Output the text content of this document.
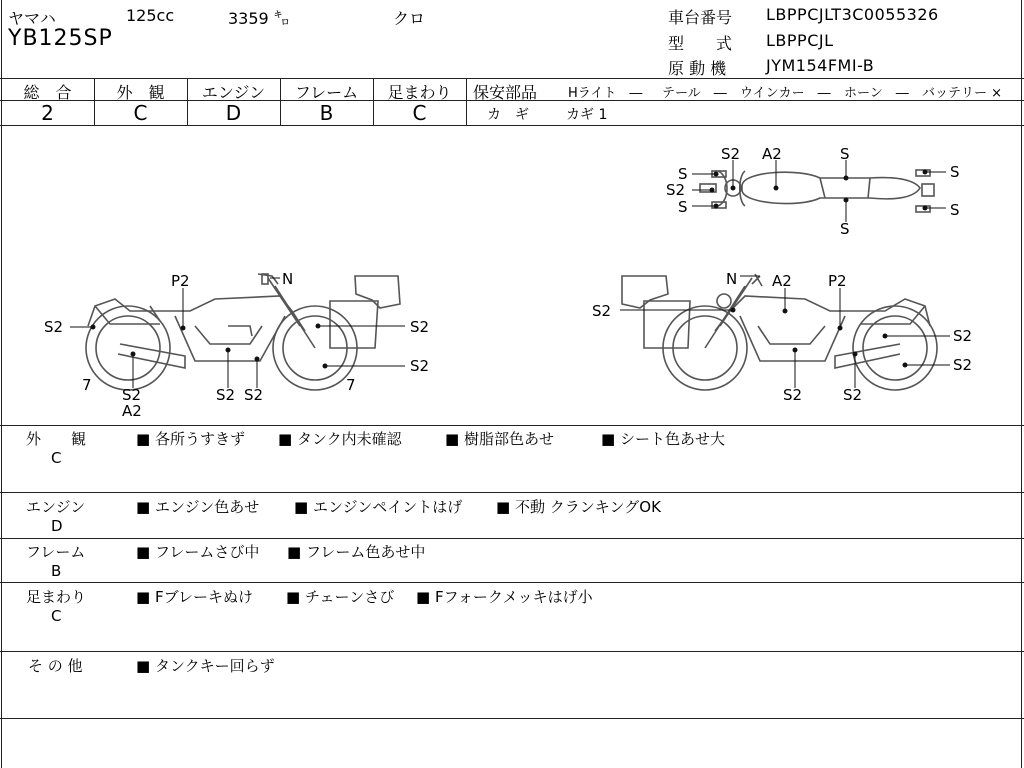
ヤマハ	125cc	3359 ㌔	クロ
YB125SP
車台番号 LBPPCJLT3C0055326
型　　式 LBPPCJL
原 動 機 JYM154FMI-B
総　合
2
外　観
C
エンジン
D
フレーム
B
足まわり
C
保安部品 Hライト　― テール　― ウインカー　― ホーン　― バッテリー ×
カ　ギ	カギ 1
P2	N
S2	S2
S2
7	7
S2
A2
S2 S2
N A2 P2
S2
S2
S2
S2	S2
S2 A2	S
S
S
S2
S
S
S
外　　観
C
■ 各所うすきず ■ タンク内未確認	■ 樹脂部色あせ	■ シート色あせ大
エンジン
D
■ エンジン色あせ ■ エンジンペイントはげ ■ 不動 クランキングOK
フレーム
B
■ フレームさび中 ■ フレーム色あせ中
足まわり
C
■ Fブレーキぬけ ■ チェーンさび ■ Fフォークメッキはげ小
そ の 他	■ タンクキー回らず
